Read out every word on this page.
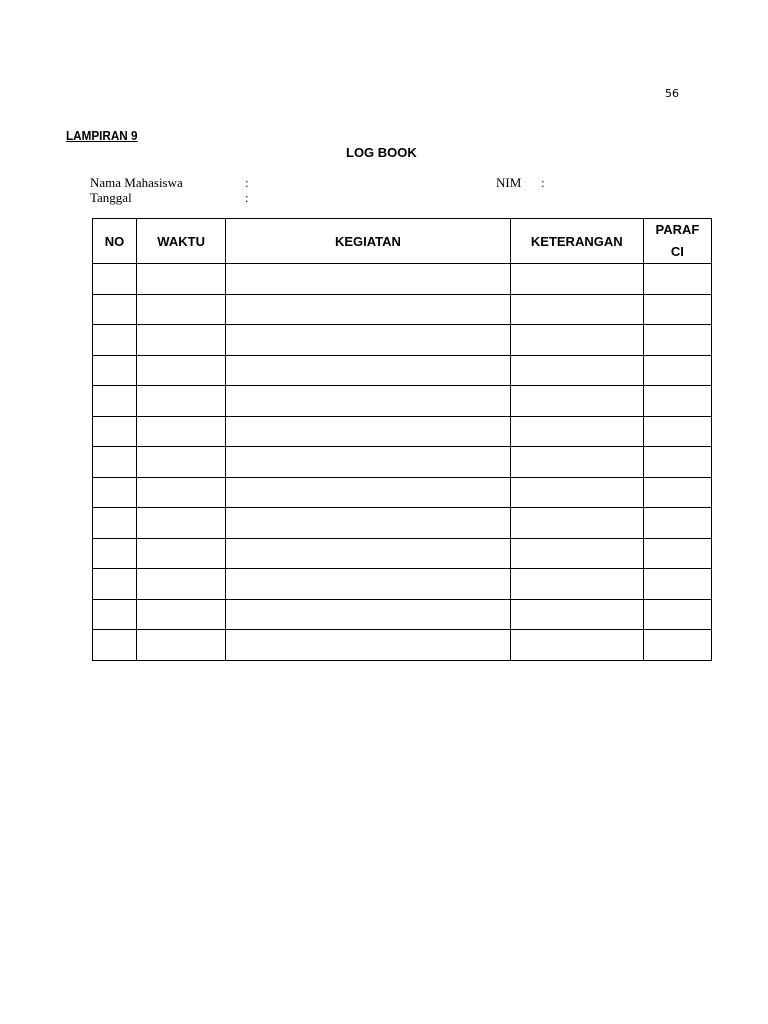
56
LAMPIRAN 9
LOG BOOK
Nama Mahasiswa	:
Tanggal	:
NIM :
NO	WAKTU	KEGIATAN	KETERANGAN	PARAF
CI
